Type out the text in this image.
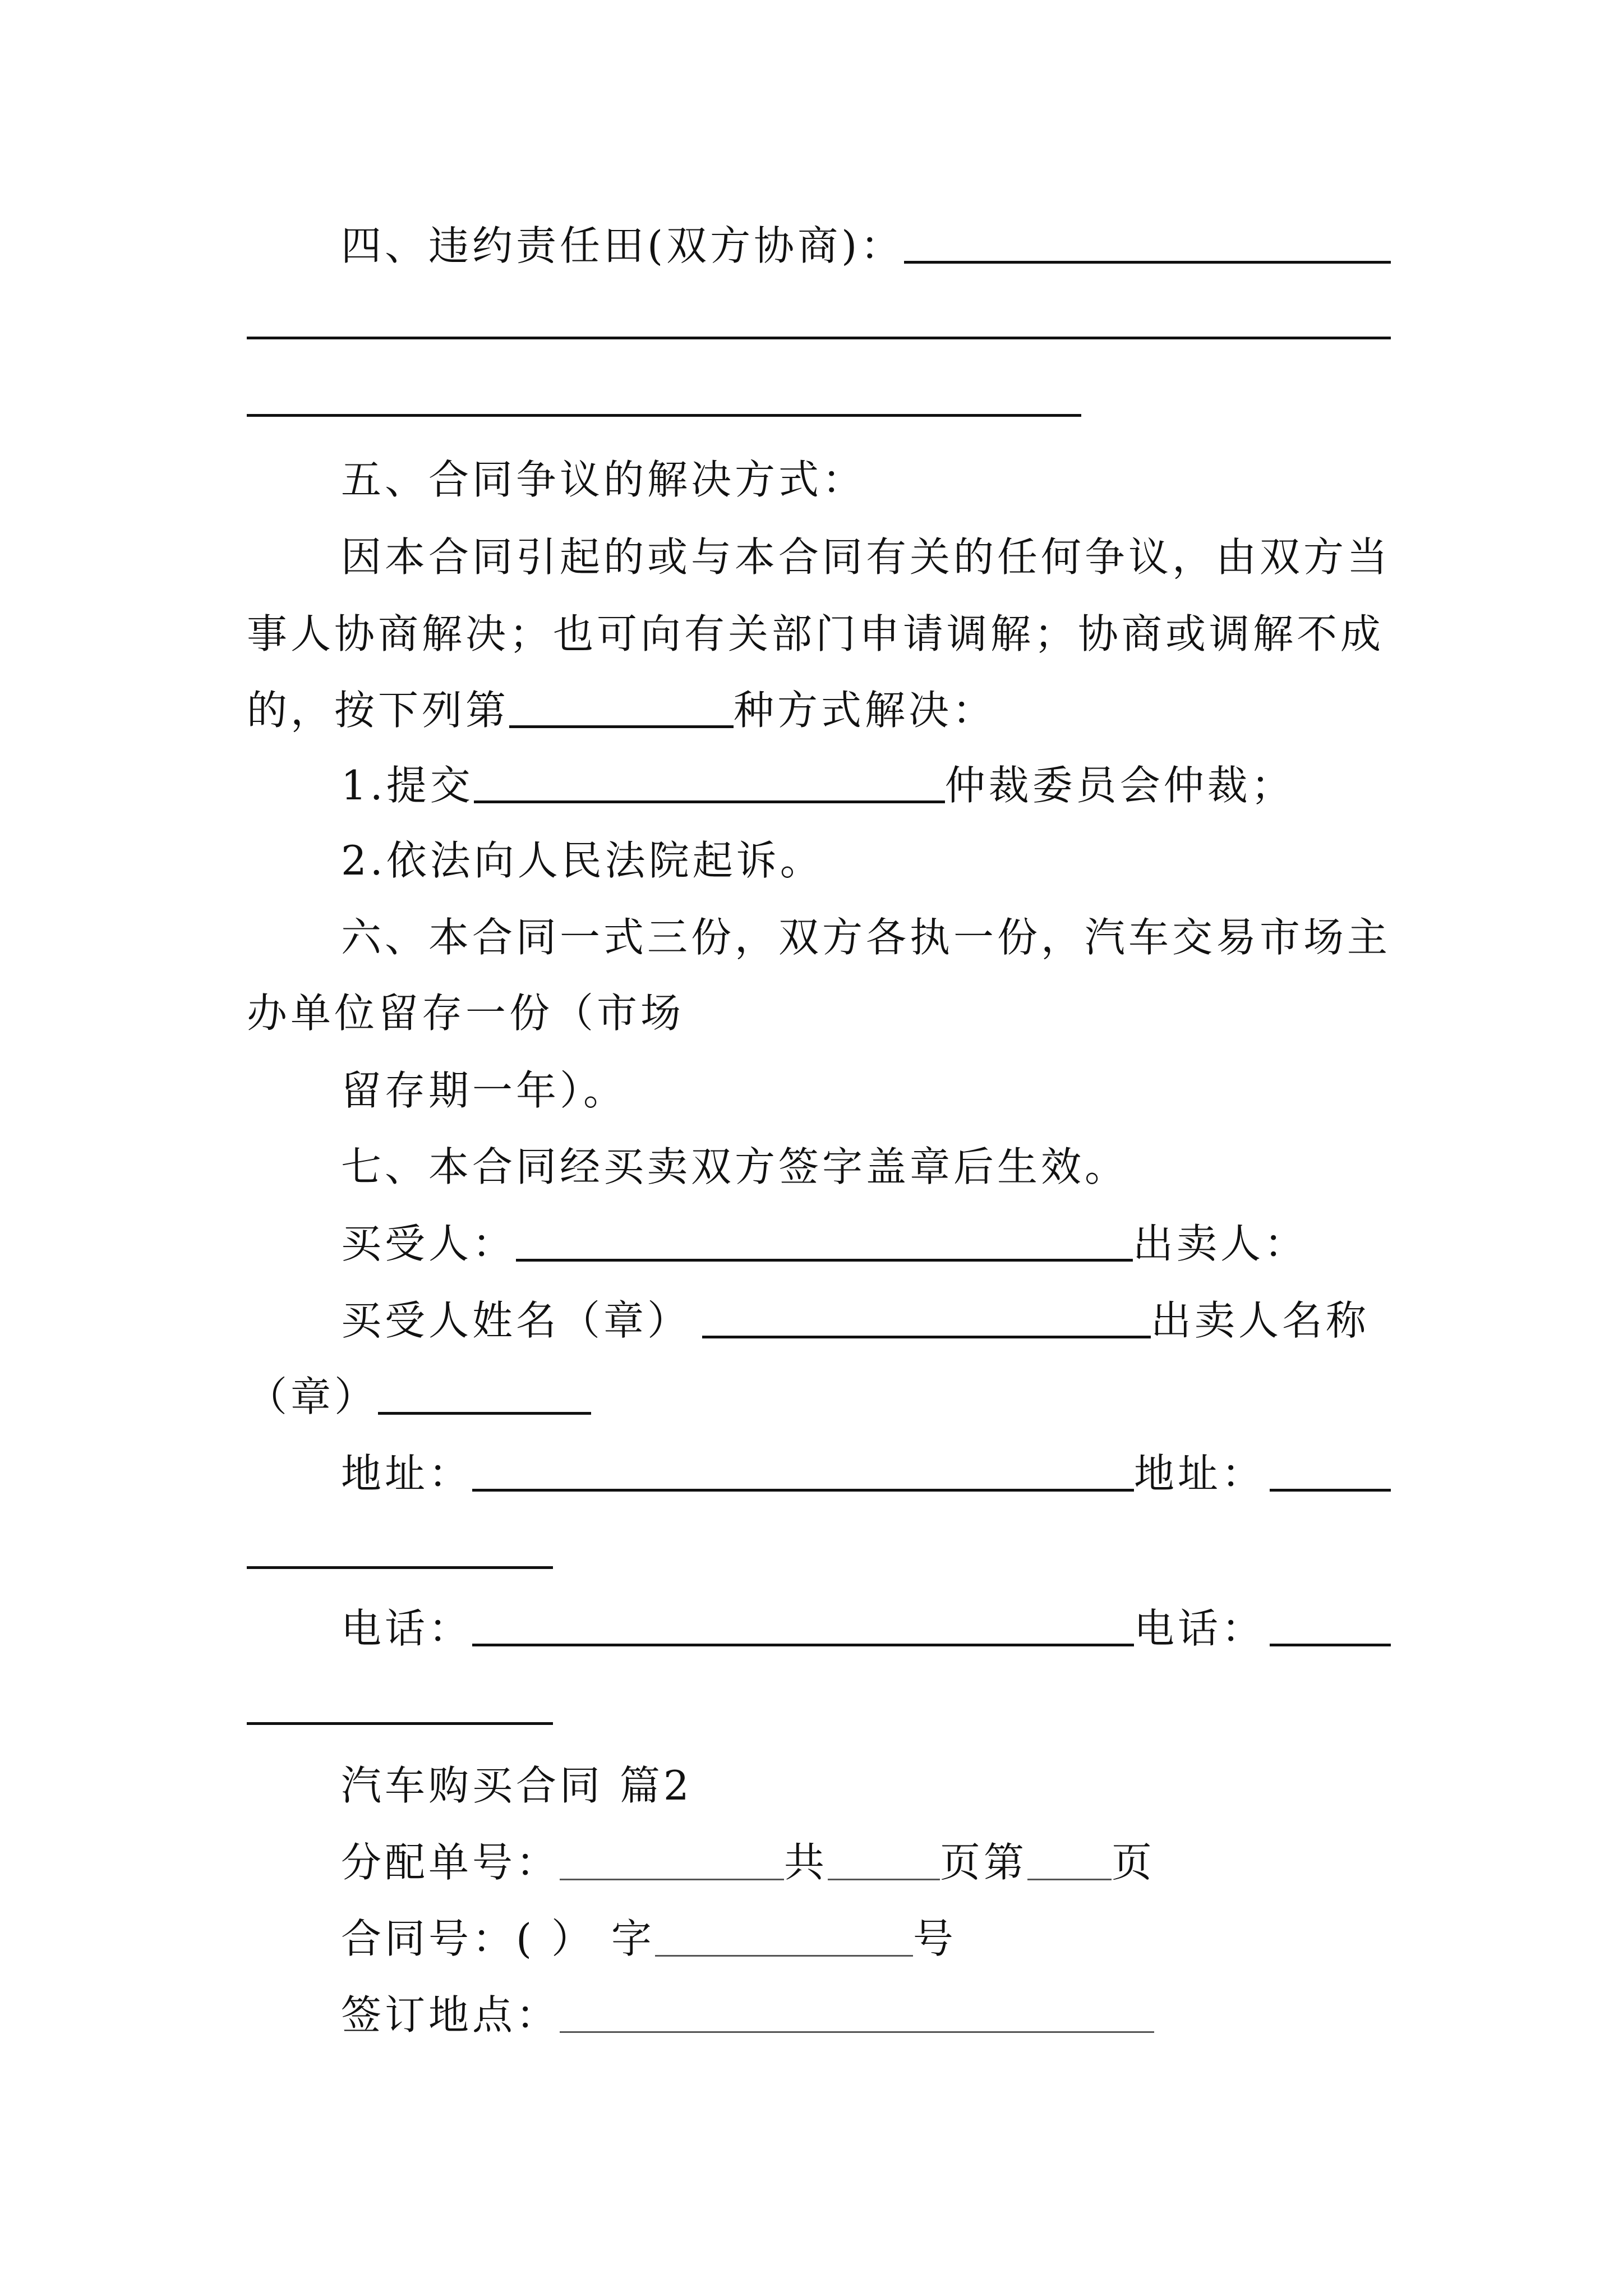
四、违约责任田(双方协商)：
五、合同争议的解决方式：
因本合同引起的或与本合同有关的任何争议，由双方当
事人协商解决；也可向有关部门申请调解；协商或调解不成
的，按下列第	种方式解决：
1.提交	仲裁委员会仲裁；
2.依法向人民法院起诉。
六、本合同一式三份，双方各执一份，汽车交易市场主
办单位留存一份（市场
留存期一年）。
七、本合同经买卖双方签字盖章后生效。
买受人：	出卖人：
买受人姓名（章）	出卖人名称
（章）
地址：	地址：
电话：	电话：
汽车购买合同 篇2
分配单号：	共	页第 页
合同号：( ） 字	号
签订地点：
